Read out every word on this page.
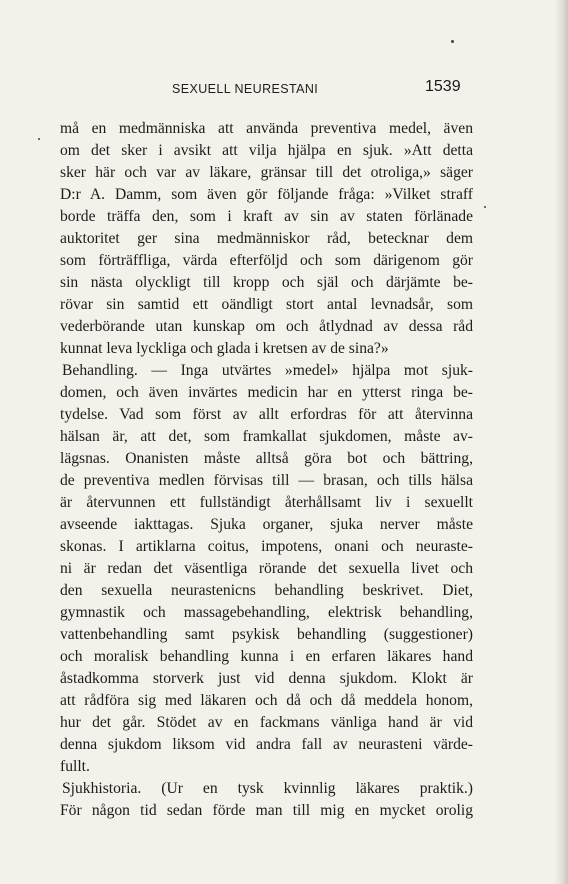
SEXUELL NEURESTANI	1539
må en medmänniska att använda preventiva medel, även
om det sker i avsikt att vilja hjälpa en sjuk. »Att detta
sker här och var av läkare, gränsar till det otroliga,» säger
D:r A. Damm, som även gör följande fråga: »Vilket straff
borde träffa den, som i kraft av sin av staten förlänade
auktoritet ger sina medmänniskor råd, betecknar dem
som förträffliga, värda efterföljd och som därigenom gör
sin nästa olyckligt till kropp och själ och därjämte be-
rövar sin samtid ett oändligt stort antal levnadsår, som
vederbörande utan kunskap om och åtlydnad av dessa råd
kunnat leva lyckliga och glada i kretsen av de sina?»
Behandling. — Inga utvärtes »medel» hjälpa mot sjuk-
domen, och även invärtes medicin har en ytterst ringa be-
tydelse. Vad som först av allt erfordras för att återvinna
hälsan är, att det, som framkallat sjukdomen, måste av-
lägsnas. Onanisten måste alltså göra bot och bättring,
de preventiva medlen förvisas till — brasan, och tills hälsa
är återvunnen ett fullständigt återhållsamt liv i sexuellt
avseende iakttagas. Sjuka organer, sjuka nerver måste
skonas. I artiklarna coitus, impotens, onani och neuraste-
ni är redan det väsentliga rörande det sexuella livet och
den sexuella neurastenicns behandling beskrivet. Diet,
gymnastik och massagebehandling, elektrisk behandling,
vattenbehandling samt psykisk behandling (suggestioner)
och moralisk behandling kunna i en erfaren läkares hand
åstadkomma storverk just vid denna sjukdom. Klokt är
att rådföra sig med läkaren och då och då meddela honom,
hur det går. Stödet av en fackmans vänliga hand är vid
denna sjukdom liksom vid andra fall av neurasteni värde-
fullt.
Sjukhistoria. (Ur en tysk kvinnlig läkares praktik.)
För någon tid sedan förde man till mig en mycket orolig
